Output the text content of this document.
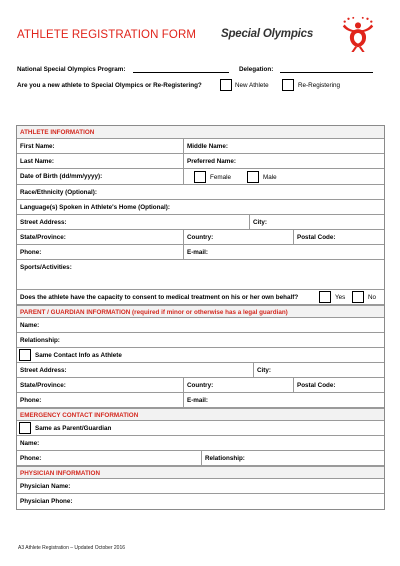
ATHLETE REGISTRATION FORM Special Olympics
National Special Olympics Program:	Delegation:
Are you a new athlete to Special Olympics or Re-Registering?	New Athlete	Re-Registering
ATHLETE INFORMATION
First Name:	Middle Name:
Last Name:	Preferred Name:
Date of Birth (dd/mm/yyyy):	Female	Male
Race/Ethnicity (Optional):
Language(s) Spoken in Athlete's Home (Optional):
Street Address:	City:
State/Province:	Country:	Postal Code:
Phone:	E-mail:
Sports/Activities:
Does the athlete have the capacity to consent to medical treatment on his or her own behalf?	Yes	No
PARENT / GUARDIAN INFORMATION (required if minor or otherwise has a legal guardian)
Name:
Relationship:
Same Contact Info as Athlete
Street Address:	City:
State/Province:	Country:	Postal Code:
Phone:	E-mail:
EMERGENCY CONTACT INFORMATION
Same as Parent/Guardian
Name:
Phone:	Relationship:
PHYSICIAN INFORMATION
Physician Name:
Physician Phone:
A3 Athlete Registration – Updated October 2016
